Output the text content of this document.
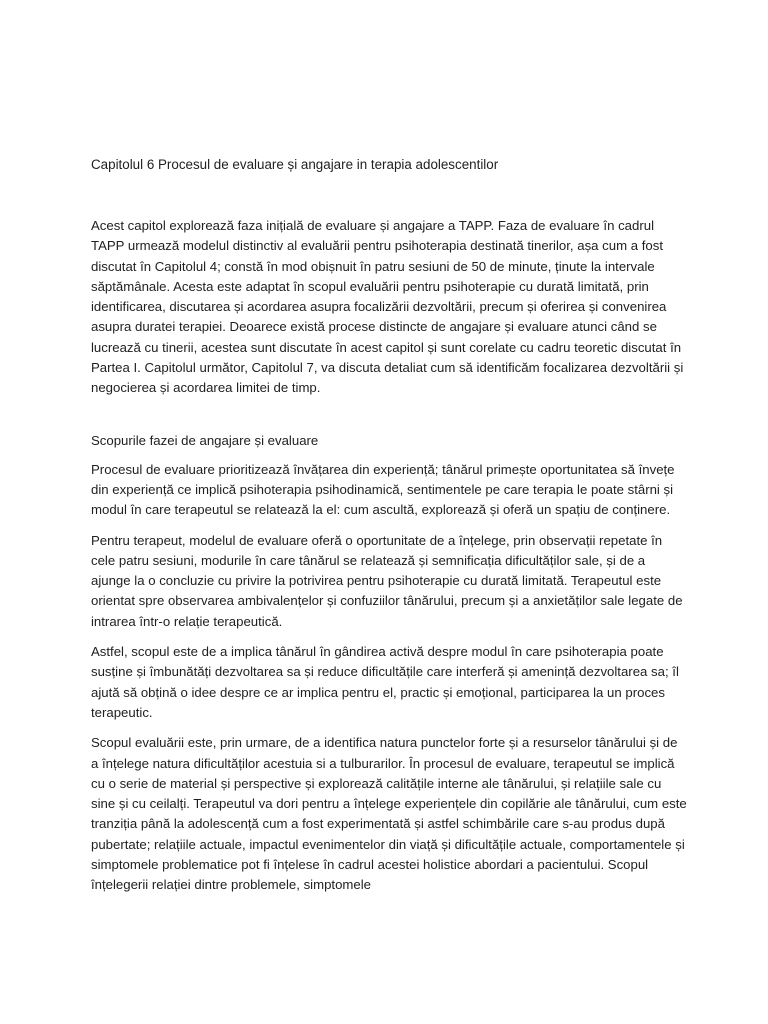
Capitolul 6 Procesul de evaluare și angajare in terapia adolescentilor

Acest capitol explorează faza inițială de evaluare și angajare a TAPP. Faza de evaluare în cadrul TAPP urmează modelul distinctiv al evaluării pentru psihoterapia destinată tinerilor, așa cum a fost discutat în Capitolul 4; constă în mod obișnuit în patru sesiuni de 50 de minute, ținute la intervale săptămânale. Acesta este adaptat în scopul evaluării pentru psihoterapie cu durată limitată, prin identificarea, discutarea și acordarea asupra focalizării dezvoltării, precum și oferirea și convenirea asupra duratei terapiei. Deoarece există procese distincte de angajare și evaluare atunci când se lucrează cu tinerii, acestea sunt discutate în acest capitol și sunt corelate cu cadru teoretic discutat în Partea I. Capitolul următor, Capitolul 7, va discuta detaliat cum să identificăm focalizarea dezvoltării și negocierea și acordarea limitei de timp.

Scopurile fazei de angajare și evaluare

Procesul de evaluare prioritizează învățarea din experiență; tânărul primește oportunitatea să învețe din experiență ce implică psihoterapia psihodinamică, sentimentele pe care terapia le poate stârni și modul în care terapeutul se relatează la el: cum ascultă, explorează și oferă un spațiu de conținere.

Pentru terapeut, modelul de evaluare oferă o oportunitate de a înțelege, prin observații repetate în cele patru sesiuni, modurile în care tânărul se relatează și semnificația dificultăților sale, și de a ajunge la o concluzie cu privire la potrivirea pentru psihoterapie cu durată limitată. Terapeutul este orientat spre observarea ambivalențelor și confuziilor tânărului, precum și a anxietăților sale legate de intrarea într-o relație terapeutică.

Astfel, scopul este de a implica tânărul în gândirea activă despre modul în care psihoterapia poate susține și îmbunătăți dezvoltarea sa și reduce dificultățile care interferă și amenință dezvoltarea sa; îl ajută să obțină o idee despre ce ar implica pentru el, practic și emoțional, participarea la un proces terapeutic.

Scopul evaluării este, prin urmare, de a identifica natura punctelor forte și a resurselor tânărului și de a înțelege natura dificultăților acestuia si a tulburarilor. În procesul de evaluare, terapeutul se implică cu o serie de material și perspective și explorează calitățile interne ale tânărului, și relațiile sale cu sine și cu ceilalți. Terapeutul va dori pentru a înțelege experiențele din copilărie ale tânărului, cum este tranziția până la adolescență cum a fost experimentată și astfel schimbările care s-au produs după pubertate; relațiile actuale, impactul evenimentelor din viață și dificultățile actuale, comportamentele și simptomele problematice pot fi înțelese în cadrul acestei holistice abordari a pacientului. Scopul înțelegerii relației dintre problemele, simptomele
